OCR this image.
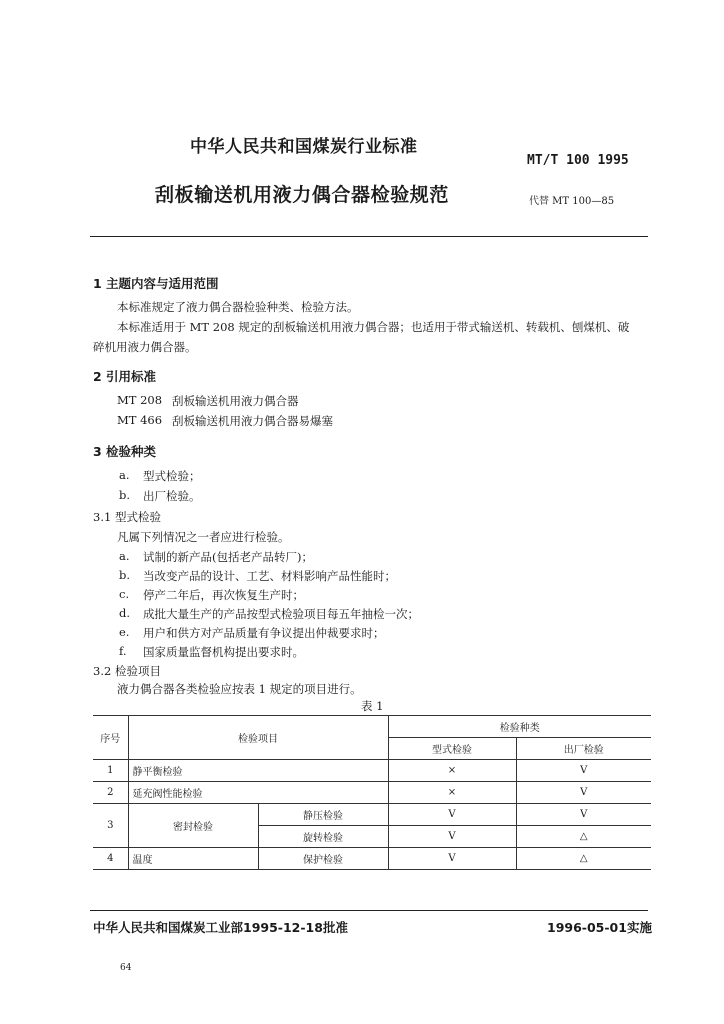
中华人民共和国煤炭行业标准
MT/T 100 1995
刮板输送机用液力偶合器检验规范	代替 MT 100—85
1 主题内容与适用范围
本标准规定了液力偶合器检验种类、检验方法。
本标准适用于 MT 208 规定的刮板输送机用液力偶合器；也适用于带式输送机、转载机、刨煤机、破
碎机用液力偶合器。
2 引用标准
MT 208 刮板输送机用液力偶合器
MT 466 刮板输送机用液力偶合器易爆塞
3 检验种类
a. 型式检验；
b. 出厂检验。
3.1 型式检验
凡属下列情况之一者应进行检验。
a. 试制的新产品(包括老产品转厂)；
b. 当改变产品的设计、工艺、材料影响产品性能时；
c. 停产二年后，再次恢复生产时；
d. 成批大量生产的产品按型式检验项目每五年抽检一次；
e. 用户和供方对产品质量有争议提出仲裁要求时；
f. 国家质量监督机构提出要求时。
3.2 检验项目
液力偶合器各类检验应按表 1 规定的项目进行。
表 1
序号	检验项目		检验种类	
			型式检验	出厂检验
1	静平衡检验		×	V
2	延充阀性能检验		×	V
3	密封检验	静压检验	V	V
		旋转检验	V	△
4	温度	保护检验	V	△
中华人民共和国煤炭工业部1995-12-18批准	1996-05-01实施
64
